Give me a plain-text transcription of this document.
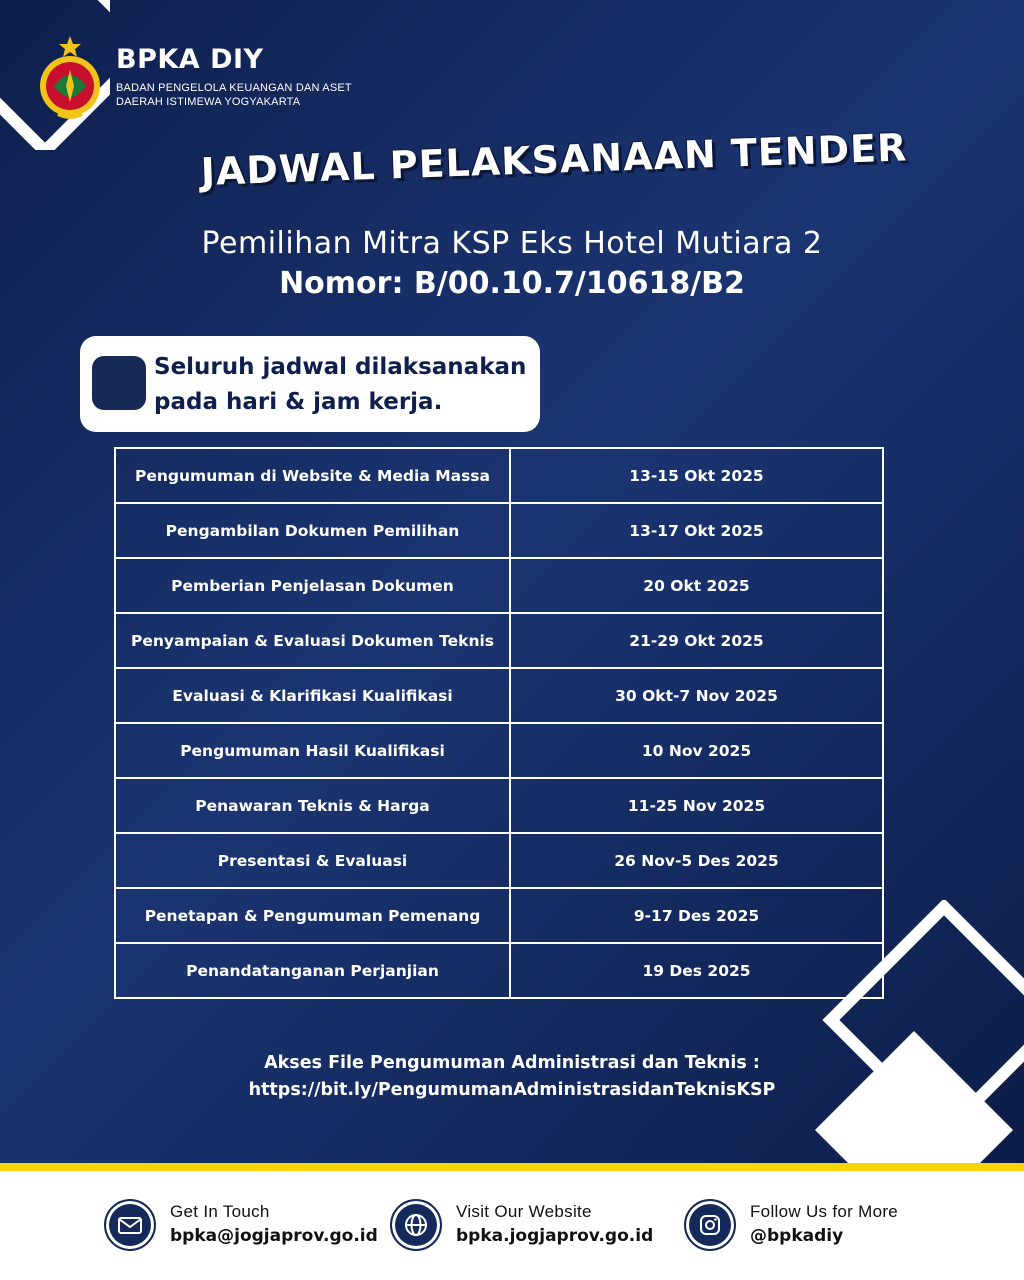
BPKA DIY
BADAN PENGELOLA KEUANGAN DAN ASET
DAERAH ISTIMEWA YOGYAKARTA
JADWAL PELAKSANAAN TENDER
Pemilihan Mitra KSP Eks Hotel Mutiara 2
Nomor: B/00.10.7/10618/B2
Seluruh jadwal dilaksanakan
pada hari & jam kerja.
Pengumuman di Website & Media Massa	13-15 Okt 2025
Pengambilan Dokumen Pemilihan	13-17 Okt 2025
Pemberian Penjelasan Dokumen	20 Okt 2025
Penyampaian & Evaluasi Dokumen Teknis	21-29 Okt 2025
Evaluasi & Klarifikasi Kualifikasi	30 Okt-7 Nov 2025
Pengumuman Hasil Kualifikasi	10 Nov 2025
Penawaran Teknis & Harga	11-25 Nov 2025
Presentasi & Evaluasi	26 Nov-5 Des 2025
Penetapan & Pengumuman Pemenang	9-17 Des 2025
Penandatanganan Perjanjian	19 Des 2025
Akses File Pengumuman Administrasi dan Teknis :
https://bit.ly/PengumumanAdministrasidanTeknisKSP
Get In Touch
bpka@jogjaprov.go.id
Visit Our Website
bpka.jogjaprov.go.id
Follow Us for More
@bpkadiy
